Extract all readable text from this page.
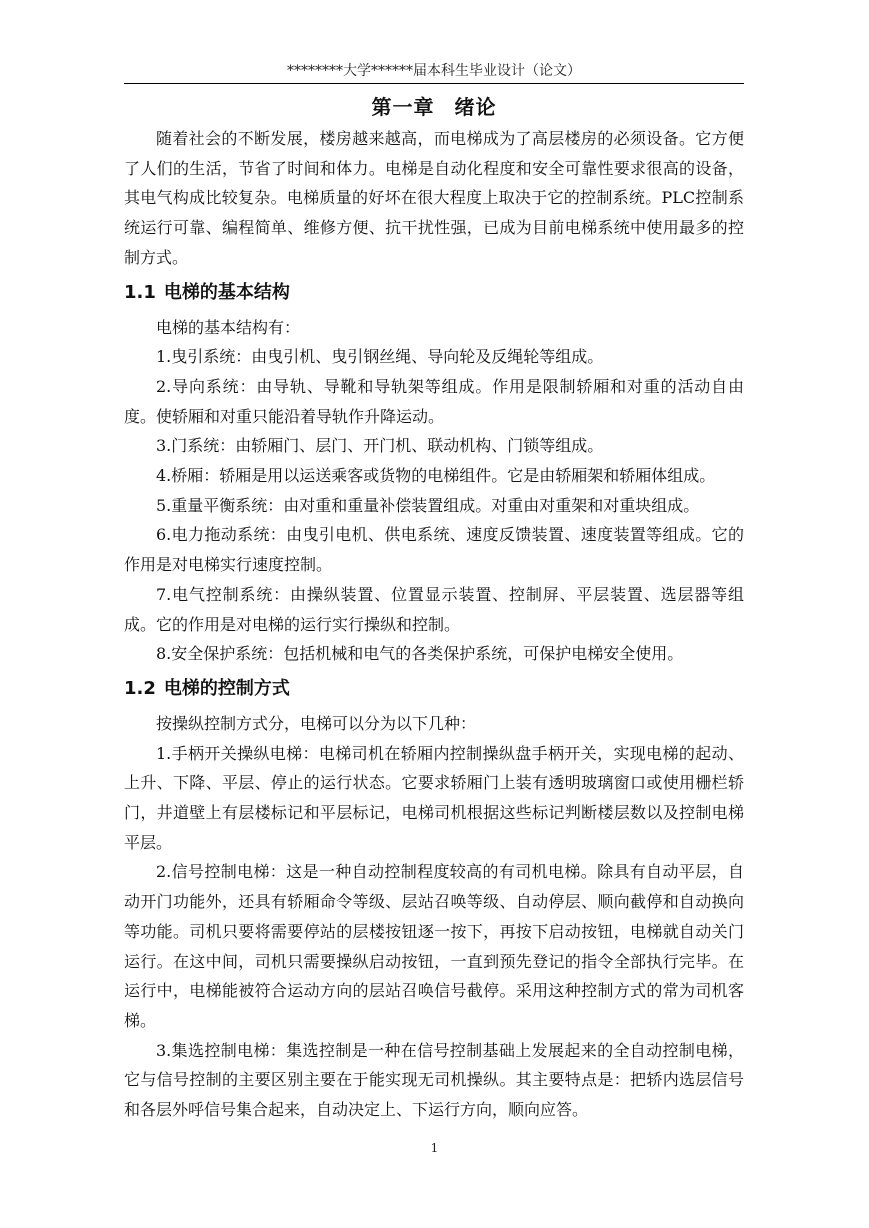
********大学******届本科生毕业设计（论文）
第一章 绪论

随着社会的不断发展，楼房越来越高，而电梯成为了高层楼房的必须设备。它方便了人们的生活，节省了时间和体力。电梯是自动化程度和安全可靠性要求很高的设备，其电气构成比较复杂。电梯质量的好坏在很大程度上取决于它的控制系统。PLC控制系统运行可靠、编程简单、维修方便、抗干扰性强，已成为目前电梯系统中使用最多的控制方式。

1.1 电梯的基本结构

电梯的基本结构有：

1.曳引系统：由曳引机、曳引钢丝绳、导向轮及反绳轮等组成。

2.导向系统：由导轨、导靴和导轨架等组成。作用是限制轿厢和对重的活动自由度。使轿厢和对重只能沿着导轨作升降运动。

3.门系统：由轿厢门、层门、开门机、联动机构、门锁等组成。

4.桥厢：轿厢是用以运送乘客或货物的电梯组件。它是由轿厢架和轿厢体组成。

5.重量平衡系统：由对重和重量补偿装置组成。对重由对重架和对重块组成。

6.电力拖动系统：由曳引电机、供电系统、速度反馈装置、速度装置等组成。它的作用是对电梯实行速度控制。

7.电气控制系统：由操纵装置、位置显示装置、控制屏、平层装置、选层器等组成。它的作用是对电梯的运行实行操纵和控制。

8.安全保护系统：包括机械和电气的各类保护系统，可保护电梯安全使用。

1.2 电梯的控制方式

按操纵控制方式分，电梯可以分为以下几种：

1.手柄开关操纵电梯：电梯司机在轿厢内控制操纵盘手柄开关，实现电梯的起动、上升、下降、平层、停止的运行状态。它要求轿厢门上装有透明玻璃窗口或使用栅栏轿门，井道壁上有层楼标记和平层标记，电梯司机根据这些标记判断楼层数以及控制电梯平层。

2.信号控制电梯：这是一种自动控制程度较高的有司机电梯。除具有自动平层，自动开门功能外，还具有轿厢命令等级、层站召唤等级、自动停层、顺向截停和自动换向等功能。司机只要将需要停站的层楼按钮逐一按下，再按下启动按钮，电梯就自动关门运行。在这中间，司机只需要操纵启动按钮，一直到预先登记的指令全部执行完毕。在运行中，电梯能被符合运动方向的层站召唤信号截停。采用这种控制方式的常为司机客梯。

3.集选控制电梯：集选控制是一种在信号控制基础上发展起来的全自动控制电梯，它与信号控制的主要区别主要在于能实现无司机操纵。其主要特点是：把轿内选层信号和各层外呼信号集合起来，自动决定上、下运行方向，顺向应答。

1
